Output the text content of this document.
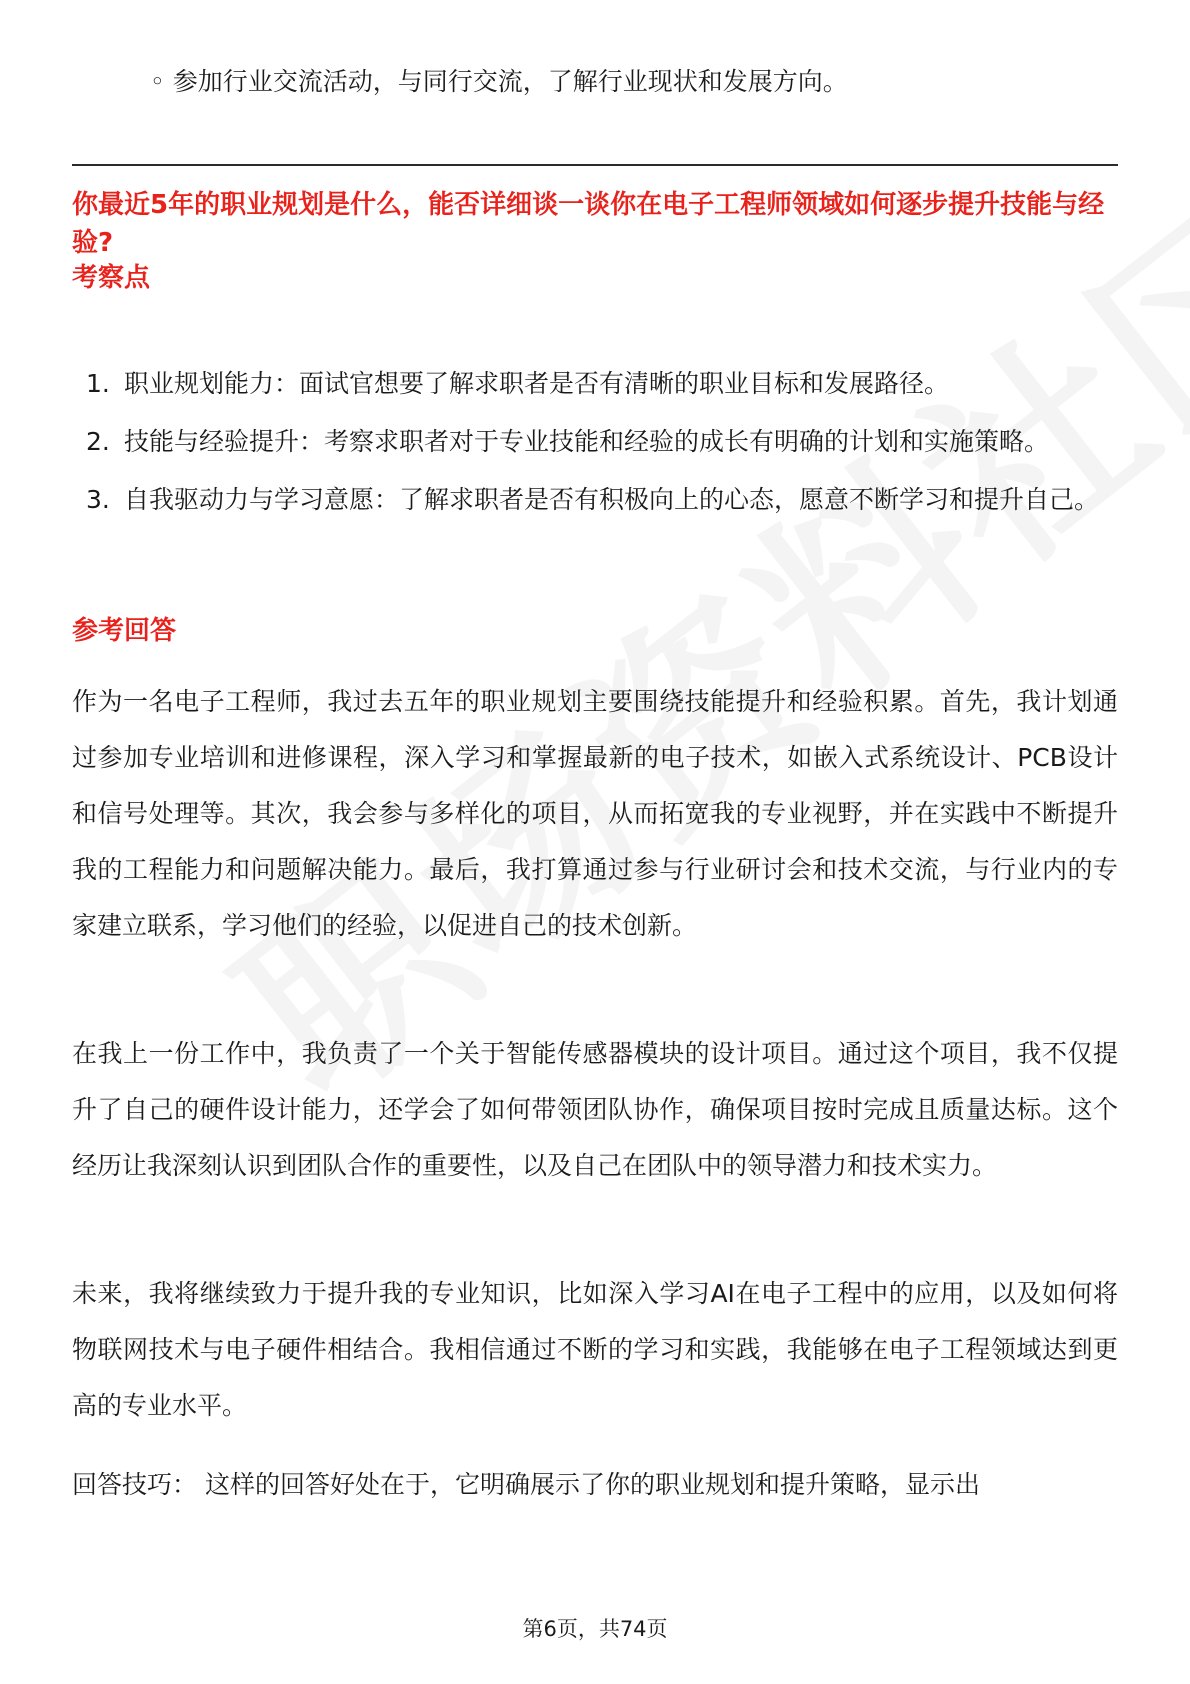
◦ 参加行业交流活动，与同行交流，了解行业现状和发展方向。
你最近5年的职业规划是什么，能否详细谈一谈你在电子工程师领域如何逐步提升技能与经验?
考察点
1. 职业规划能力：面试官想要了解求职者是否有清晰的职业目标和发展路径。
2. 技能与经验提升：考察求职者对于专业技能和经验的成长有明确的计划和实施策略。
3. 自我驱动力与学习意愿：了解求职者是否有积极向上的心态，愿意不断学习和提升自己。
参考回答

作为一名电子工程师，我过去五年的职业规划主要围绕技能提升和经验积累。首先，我计划通过参加专业培训和进修课程，深入学习和掌握最新的电子技术，如嵌入式系统设计、PCB设计和信号处理等。其次，我会参与多样化的项目，从而拓宽我的专业视野，并在实践中不断提升我的工程能力和问题解决能力。最后，我打算通过参与行业研讨会和技术交流，与行业内的专家建立联系，学习他们的经验，以促进自己的技术创新。

在我上一份工作中，我负责了一个关于智能传感器模块的设计项目。通过这个项目，我不仅提升了自己的硬件设计能力，还学会了如何带领团队协作，确保项目按时完成且质量达标。这个经历让我深刻认识到团队合作的重要性，以及自己在团队中的领导潜力和技术实力。

未来，我将继续致力于提升我的专业知识，比如深入学习AI在电子工程中的应用，以及如何将物联网技术与电子硬件相结合。我相信通过不断的学习和实践，我能够在电子工程领域达到更高的专业水平。

回答技巧： 这样的回答好处在于，它明确展示了你的职业规划和提升策略，显示出

第6页，共74页
